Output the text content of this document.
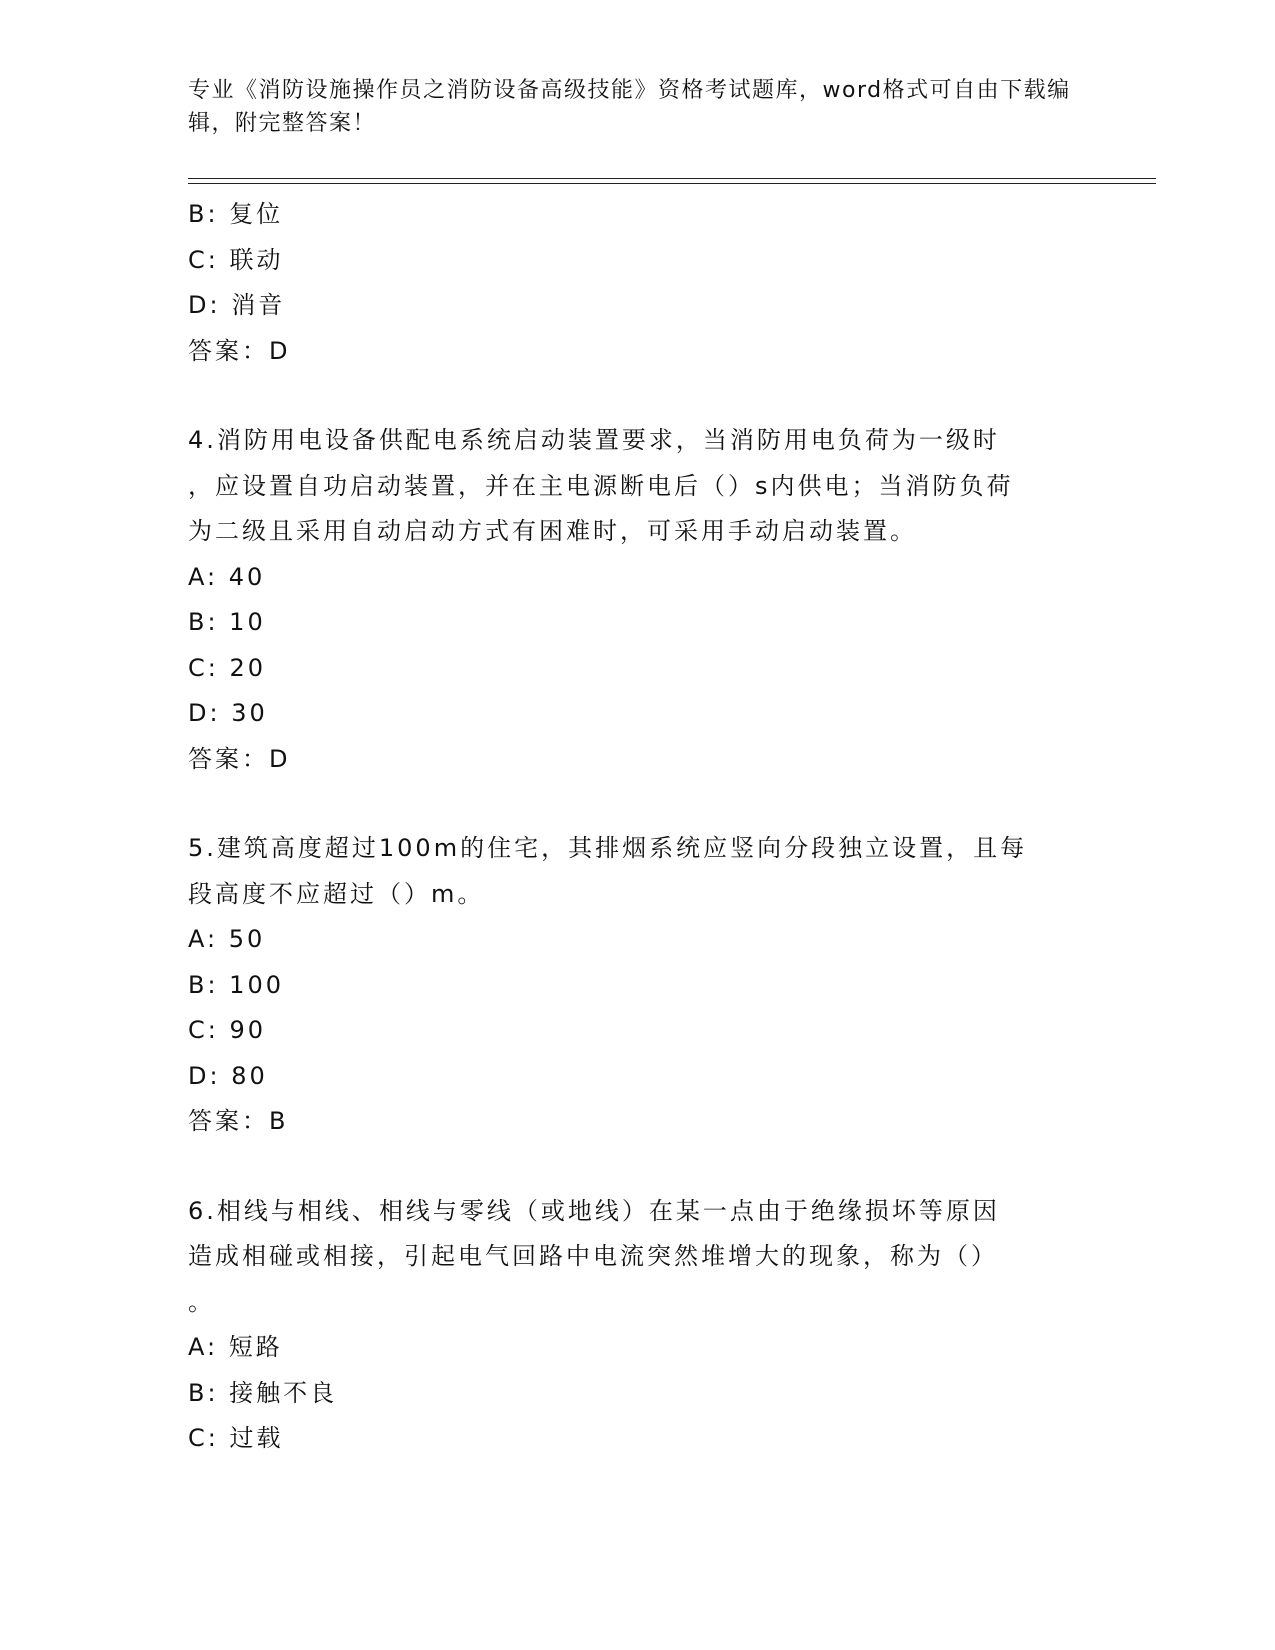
专业《消防设施操作员之消防设备高级技能》资格考试题库，word格式可自由下载编辑，附完整答案！
B: 复位
C: 联动
D: 消音
答案：D
4.消防用电设备供配电系统启动装置要求，当消防用电负荷为一级时
，应设置自功启动装置，并在主电源断电后（）s内供电；当消防负荷
为二级且采用自动启动方式有困难时，可采用手动启动装置。
A: 40
B: 10
C: 20
D: 30
答案：D
5.建筑高度超过100m的住宅，其排烟系统应竖向分段独立设置，且每
段高度不应超过（）m。
A: 50
B: 100
C: 90
D: 80
答案：B
6.相线与相线、相线与零线（或地线）在某一点由于绝缘损坏等原因
造成相碰或相接，引起电气回路中电流突然堆增大的现象，称为（）
。
A: 短路
B: 接触不良
C: 过载
